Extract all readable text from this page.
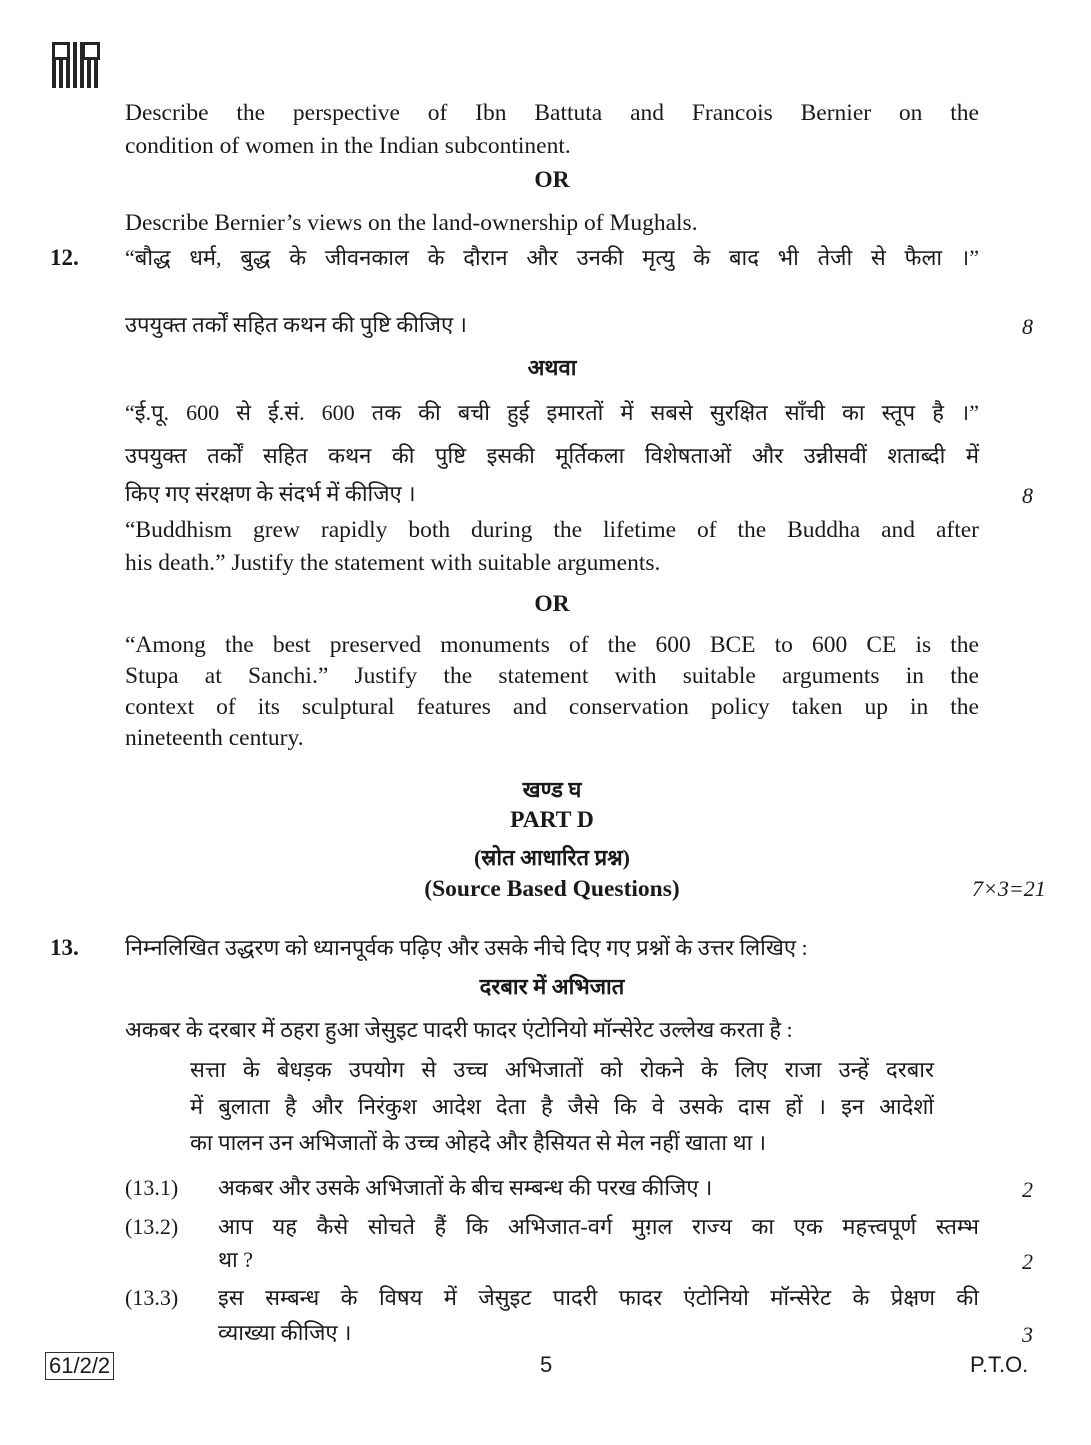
Describe the perspective of Ibn Battuta and Francois Bernier on the
condition of women in the Indian subcontinent.
OR
Describe Bernier’s views on the land-ownership of Mughals.
12. “बौद्ध धर्म, बुद्ध के जीवनकाल के दौरान और उनकी मृत्यु के बाद भी तेजी से फैला ।”
उपयुक्त तर्कों सहित कथन की पुष्टि कीजिए ।	8
अथवा
“ई.पू. 600 से ई.सं. 600 तक की बची हुई इमारतों में सबसे सुरक्षित साँची का स्तूप है ।”
उपयुक्त तर्कों सहित कथन की पुष्टि इसकी मूर्तिकला विशेषताओं और उन्नीसवीं शताब्दी में
किए गए संरक्षण के संदर्भ में कीजिए ।	8
“Buddhism grew rapidly both during the lifetime of the Buddha and after
his death.” Justify the statement with suitable arguments.
OR
“Among the best preserved monuments of the 600 BCE to 600 CE is the
Stupa at Sanchi.” Justify the statement with suitable arguments in the
context of its sculptural features and conservation policy taken up in the
nineteenth century.
खण्ड घ
PART D
(स्रोत आधारित प्रश्न)
(Source Based Questions)	7×3=21
13. निम्नलिखित उद्धरण को ध्यानपूर्वक पढ़िए और उसके नीचे दिए गए प्रश्नों के उत्तर लिखिए :
दरबार में अभिजात
अकबर के दरबार में ठहरा हुआ जेसुइट पादरी फादर एंटोनियो मॉन्सेरेट उल्लेख करता है :
सत्ता के बेधड़क उपयोग से उच्च अभिजातों को रोकने के लिए राजा उन्हें दरबार
में बुलाता है और निरंकुश आदेश देता है जैसे कि वे उसके दास हों । इन आदेशों
का पालन उन अभिजातों के उच्च ओहदे और हैसियत से मेल नहीं खाता था ।
(13.1) अकबर और उसके अभिजातों के बीच सम्बन्ध की परख कीजिए ।	2
(13.2) आप यह कैसे सोचते हैं कि अभिजात-वर्ग मुग़ल राज्य का एक महत्त्वपूर्ण स्तम्भ
था ?	2
(13.3) इस सम्बन्ध के विषय में जेसुइट पादरी फादर एंटोनियो मॉन्सेरेट के प्रेक्षण की
व्याख्या कीजिए ।	3
61/2/2	5	P.T.O.
